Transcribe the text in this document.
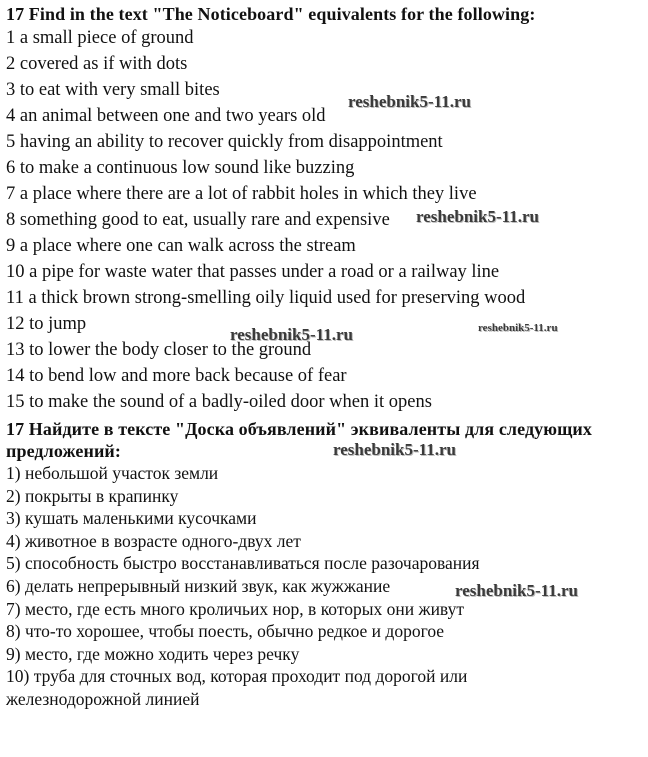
17 Find in the text "The Noticeboard" equivalents for the following:
1 a small piece of ground
2 covered as if with dots
3 to eat with very small bites
4 an animal between one and two years old
5 having an ability to recover quickly from disappointment
6 to make a continuous low sound like buzzing
7 a place where there are a lot of rabbit holes in which they live
8 something good to eat, usually rare and expensive
9 a place where one can walk across the stream
10 a pipe for waste water that passes under a road or a railway line
11 a thick brown strong-smelling oily liquid used for preserving wood
12 to jump
13 to lower the body closer to the ground
14 to bend low and more back because of fear
15 to make the sound of a badly-oiled door when it opens
17 Найдите в тексте "Доска объявлений" эквиваленты для следующих предложений:
1) небольшой участок земли
2) покрыты в крапинку
3) кушать маленькими кусочками
4) животное в возрасте одного-двух лет
5) способность быстро восстанавливаться после разочарования
6) делать непрерывный низкий звук, как жужжание
7) место, где есть много кроличьих нор, в которых они живут
8) что-то хорошее, чтобы поесть, обычно редкое и дорогое
9) место, где можно ходить через речку
10) труба для сточных вод, которая проходит под дорогой или железнодорожной линией
reshebnik5-11.ru
reshebnik5-11.ru
reshebnik5-11.ru	reshebnik5-11.ru
reshebnik5-11.ru
reshebnik5-11.ru
